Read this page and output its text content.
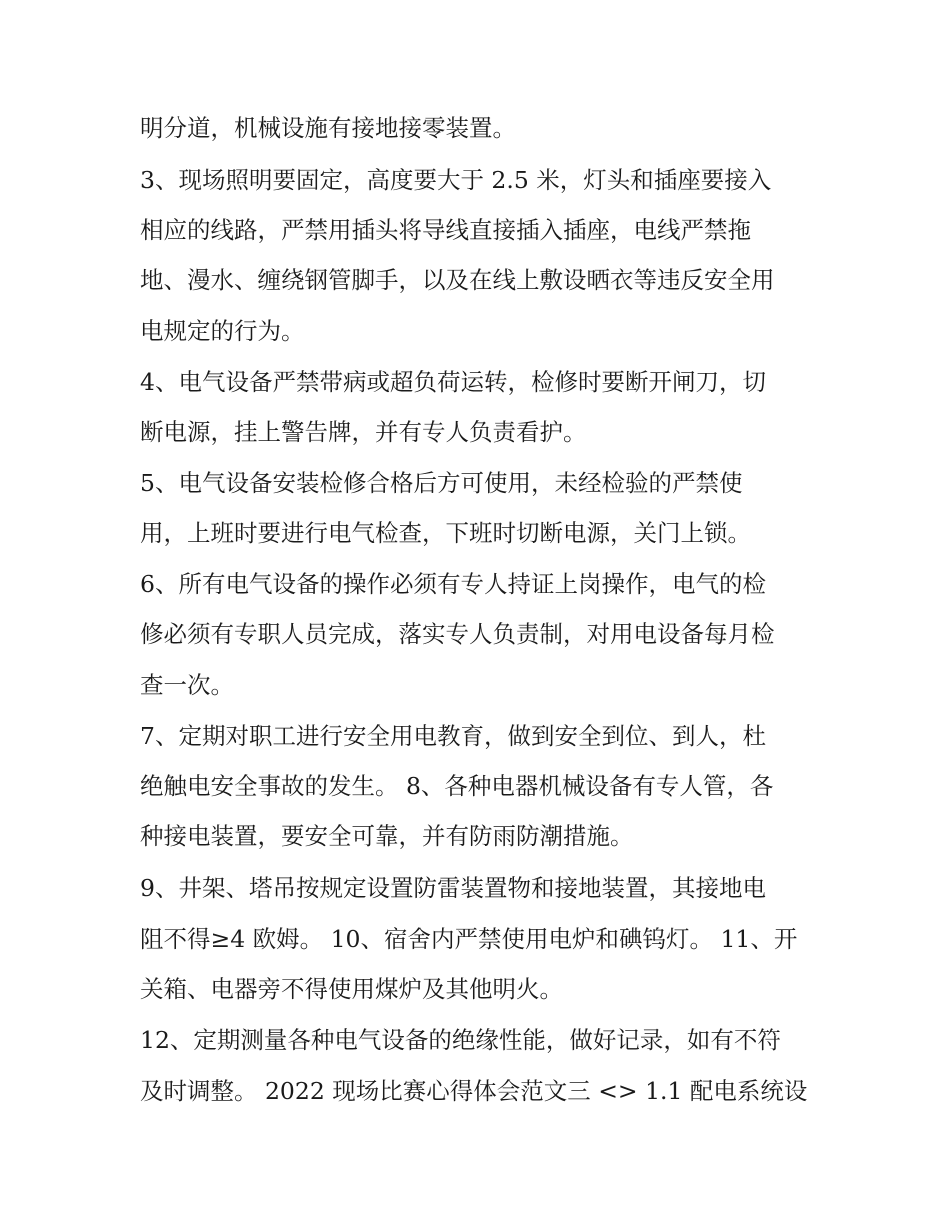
明分道，机械设施有接地接零装置。
3、现场照明要固定，高度要大于 2.5 米，灯头和插座要接入
相应的线路，严禁用插头将导线直接插入插座，电线严禁拖
地、漫水、缠绕钢管脚手，以及在线上敷设晒衣等违反安全用
电规定的行为。
4、电气设备严禁带病或超负荷运转，检修时要断开闸刀，切
断电源，挂上警告牌，并有专人负责看护。
5、电气设备安装检修合格后方可使用，未经检验的严禁使
用，上班时要进行电气检查，下班时切断电源，关门上锁。
6、所有电气设备的操作必须有专人持证上岗操作，电气的检
修必须有专职人员完成，落实专人负责制，对用电设备每月检
查一次。
7、定期对职工进行安全用电教育，做到安全到位、到人，杜
绝触电安全事故的发生。 8、各种电器机械设备有专人管，各
种接电装置，要安全可靠，并有防雨防潮措施。
9、井架、塔吊按规定设置防雷装置物和接地装置，其接地电
阻不得≥4 欧姆。 10、宿舍内严禁使用电炉和碘钨灯。 11、开
关箱、电器旁不得使用煤炉及其他明火。
12、定期测量各种电气设备的绝缘性能，做好记录，如有不符
及时调整。 2022 现场比赛心得体会范文三 <> 1.1 配电系统设
